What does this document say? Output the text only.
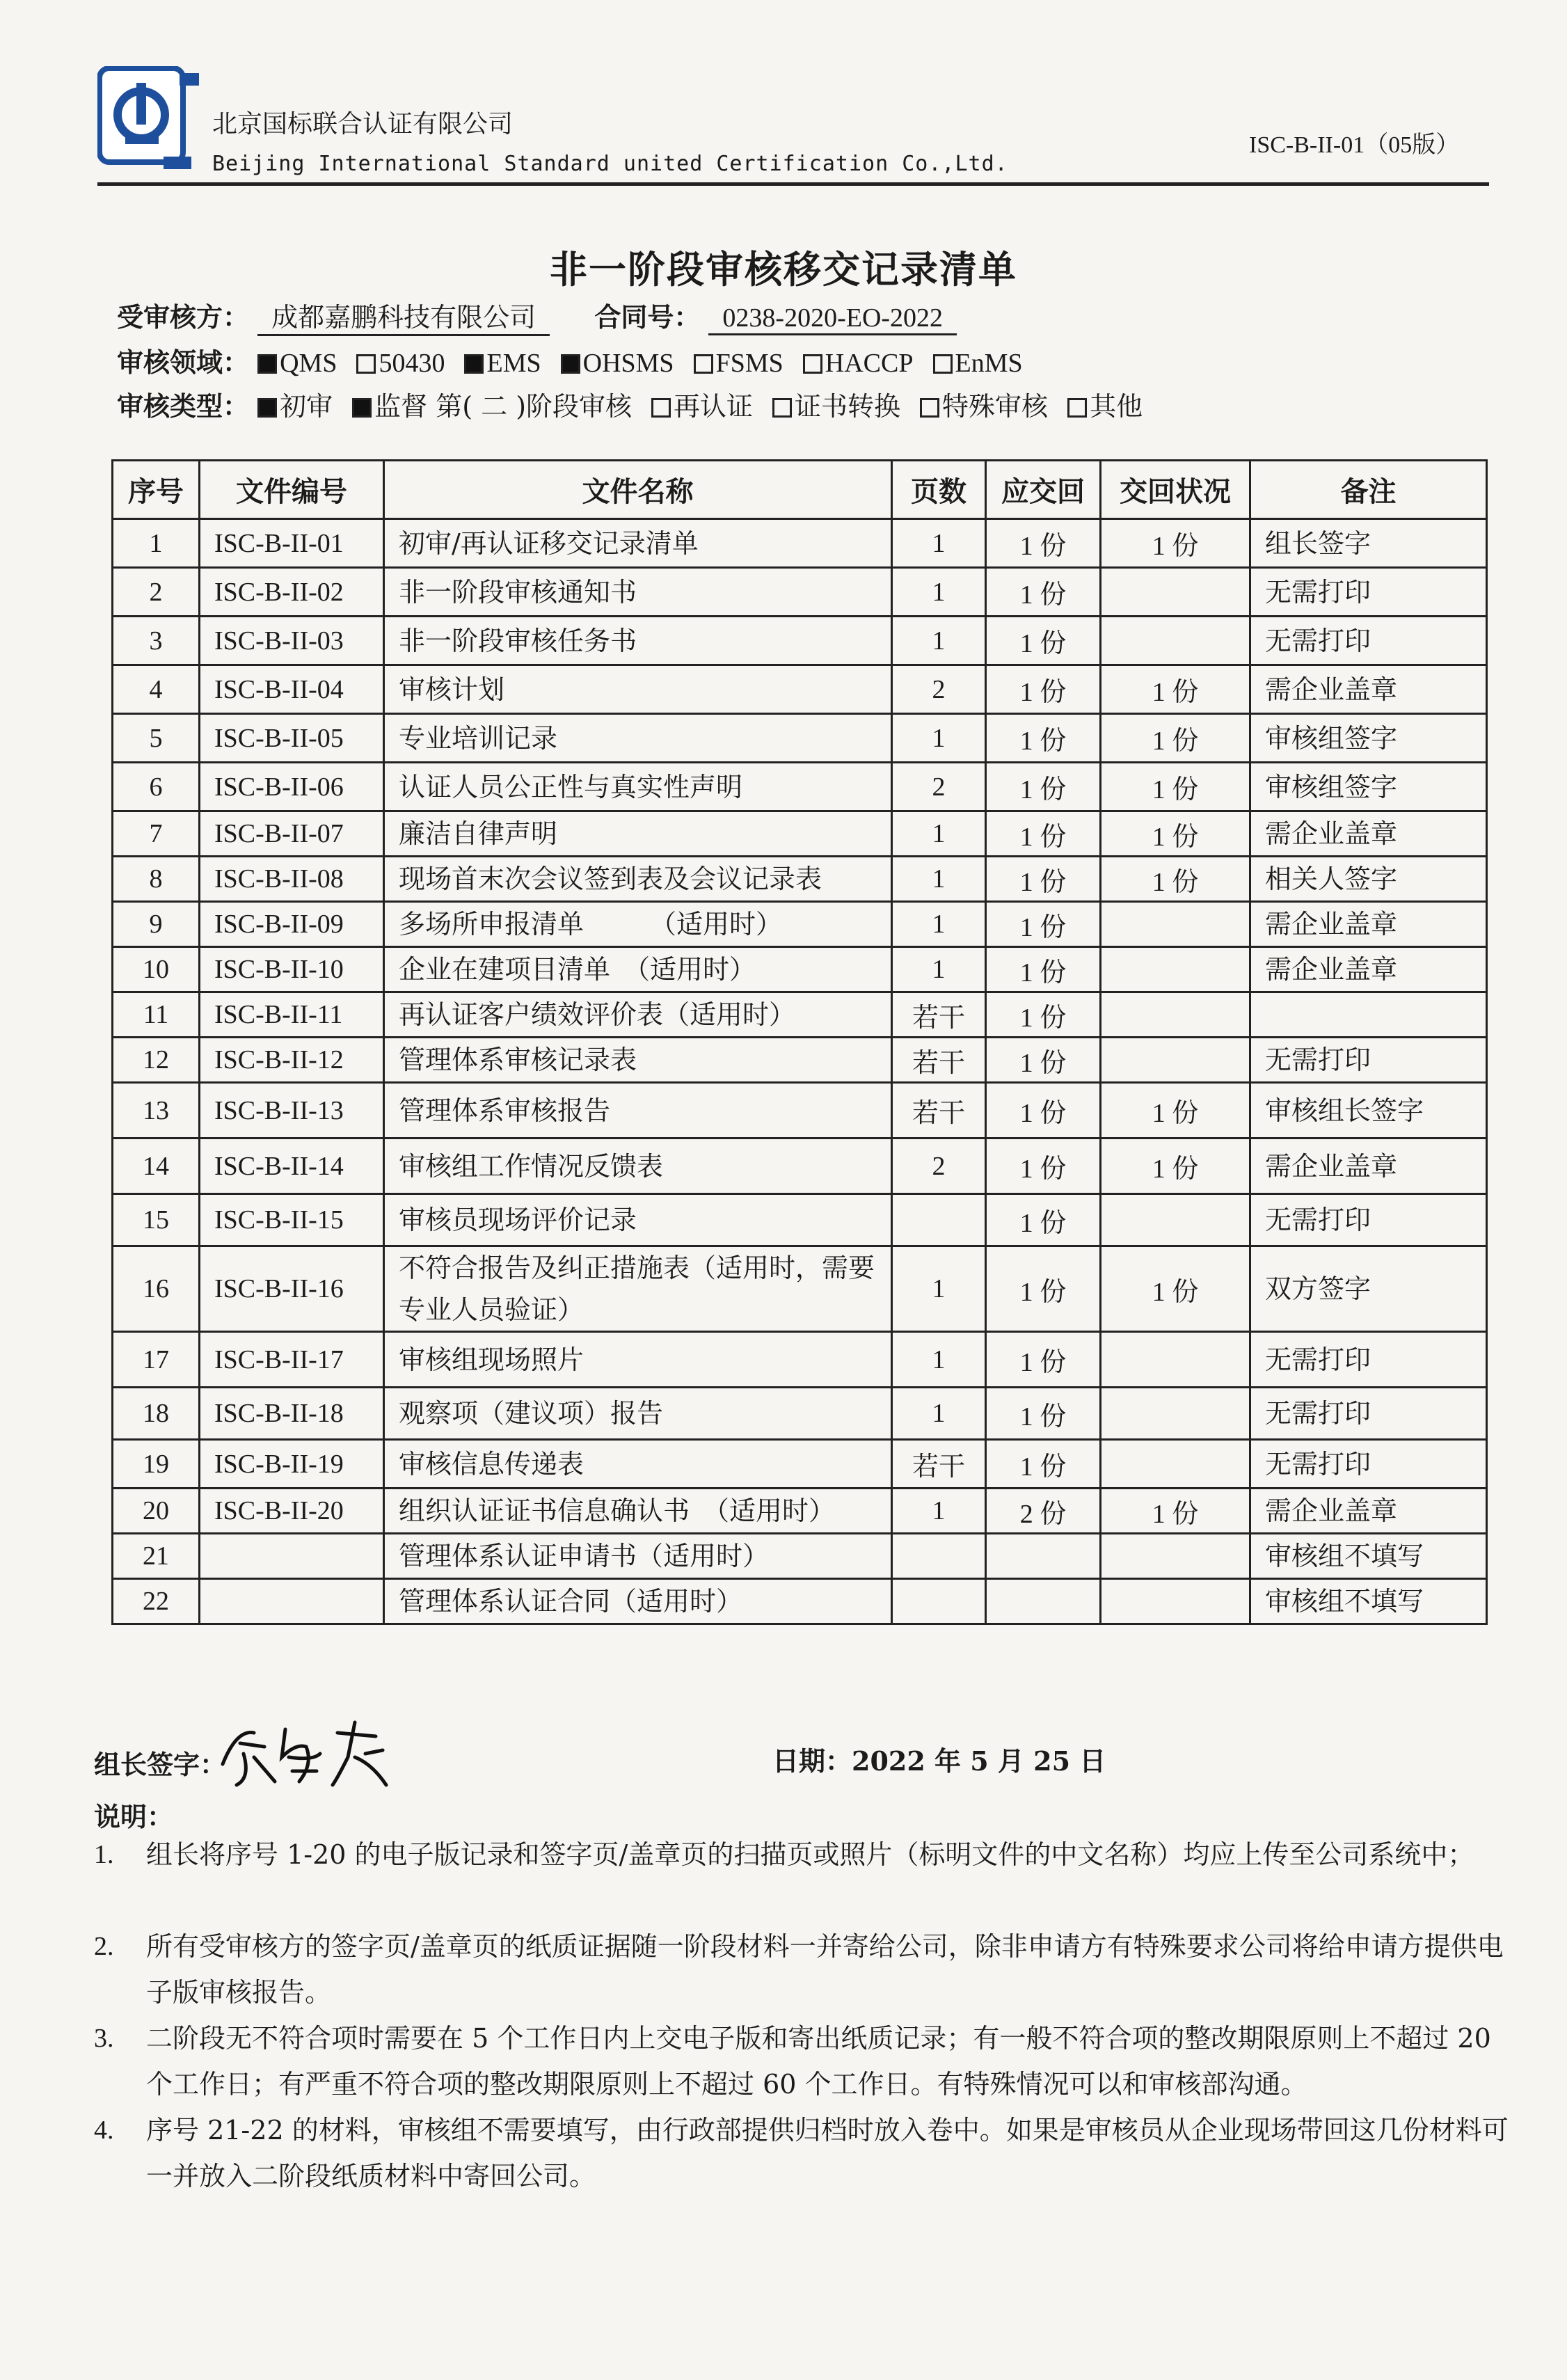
北京国标联合认证有限公司
Beijing International Standard united Certification Co.,Ltd.
ISC-B-II-01（05版）
非一阶段审核移交记录清单
受审核方： 成都嘉鹏科技有限公司 合同号： 0238-2020-EO-2022
审核领域： QMS 50430 EMS OHSMS FSMS HACCP EnMS
审核类型： 初审 监督 第( 二 )阶段审核 再认证 证书转换 特殊审核 其他
序号	文件编号	文件名称	页数	应交回	交回状况	备注
1	ISC-B-II-01	初审/再认证移交记录清单	1	1 份	1 份	组长签字
2	ISC-B-II-02	非一阶段审核通知书	1	1 份		无需打印
3	ISC-B-II-03	非一阶段审核任务书	1	1 份		无需打印
4	ISC-B-II-04	审核计划	2	1 份	1 份	需企业盖章
5	ISC-B-II-05	专业培训记录	1	1 份	1 份	审核组签字
6	ISC-B-II-06	认证人员公正性与真实性声明	2	1 份	1 份	审核组签字
7	ISC-B-II-07	廉洁自律声明	1	1 份	1 份	需企业盖章
8	ISC-B-II-08	现场首末次会议签到表及会议记录表	1	1 份	1 份	相关人签字
9	ISC-B-II-09	多场所申报清单　　　（适用时）	1	1 份		需企业盖章
10	ISC-B-II-10	企业在建项目清单　（适用时）	1	1 份		需企业盖章
11	ISC-B-II-11	再认证客户绩效评价表（适用时）	若干	1 份		
12	ISC-B-II-12	管理体系审核记录表	若干	1 份		无需打印
13	ISC-B-II-13	管理体系审核报告	若干	1 份	1 份	审核组长签字
14	ISC-B-II-14	审核组工作情况反馈表	2	1 份	1 份	需企业盖章
15	ISC-B-II-15	审核员现场评价记录		1 份		无需打印
16	ISC-B-II-16	不符合报告及纠正措施表（适用时，需要专业人员验证）	1	1 份	1 份	双方签字
17	ISC-B-II-17	审核组现场照片	1	1 份		无需打印
18	ISC-B-II-18	观察项（建议项）报告	1	1 份		无需打印
19	ISC-B-II-19	审核信息传递表	若干	1 份		无需打印
20	ISC-B-II-20	组织认证证书信息确认书　（适用时）	1	2 份	1 份	需企业盖章
21		管理体系认证申请书（适用时）				审核组不填写
22		管理体系认证合同（适用时）				审核组不填写
组长签字：	日期：2022 年 5 月 25 日
说明：
1. 组长将序号 1-20 的电子版记录和签字页/盖章页的扫描页或照片（标明文件的中文名称）均应上传至公司系统中；
2. 所有受审核方的签字页/盖章页的纸质证据随一阶段材料一并寄给公司，除非申请方有特殊要求公司将给申请方提供电子版审核报告。
3. 二阶段无不符合项时需要在 5 个工作日内上交电子版和寄出纸质记录；有一般不符合项的整改期限原则上不超过 20 个工作日；有严重不符合项的整改期限原则上不超过 60 个工作日。有特殊情况可以和审核部沟通。
4. 序号 21-22 的材料，审核组不需要填写，由行政部提供归档时放入卷中。如果是审核员从企业现场带回这几份材料可一并放入二阶段纸质材料中寄回公司。
